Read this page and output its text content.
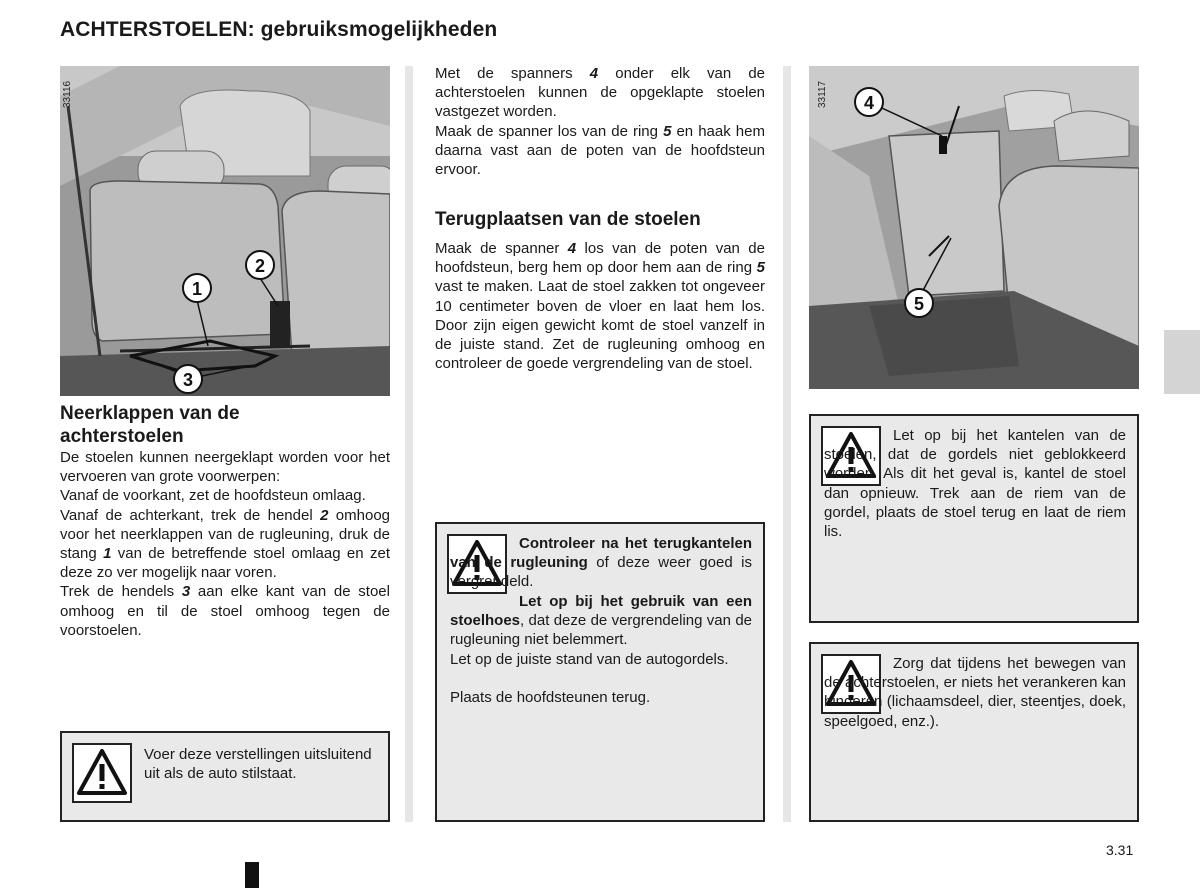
ACHTERSTOELEN: gebruiksmogelijkheden
1
2
3
33116	4
5
33117
Neerklappen van de
achterstoelen

De stoelen kunnen neergeklapt worden voor het vervoeren van grote voorwerpen:

Vanaf de voorkant, zet de hoofdsteun omlaag.

Vanaf de achterkant, trek de hendel 2 omhoog voor het neerklappen van de rugleuning, druk de stang 1 van de betreffende stoel omlaag en zet deze zo ver mogelijk naar voren.

Trek de hendels 3 aan elke kant van de stoel omhoog en til de stoel omhoog tegen de voorstoelen.

Voer deze verstellingen uitsluitend uit als de auto stilstaat.

Met de spanners 4 onder elk van de achterstoelen kunnen de opgeklapte stoelen vastgezet worden.

Maak de spanner los van de ring 5 en haak hem daarna vast aan de poten van de hoofdsteun ervoor.

Terugplaatsen van de stoelen

Maak de spanner 4 los van de poten van de hoofdsteun, berg hem op door hem aan de ring 5 vast te maken. Laat de stoel zakken tot ongeveer 10 centimeter boven de vloer en laat hem los. Door zijn eigen gewicht komt de stoel vanzelf in de juiste stand. Zet de rugleuning omhoog en controleer de goede vergrendeling van de stoel.

Controleer na het terugkantelen van de rugleuning of deze weer goed is vergrendeld.
Let op bij het gebruik van een stoelhoes, dat deze de vergrendeling van de rugleuning niet belemmert.
Let op de juiste stand van de autogordels.
Plaats de hoofdsteunen terug.
Let op bij het kantelen van de stoelen, dat de gordels niet geblokkeerd worden. Als dit het geval is, kantel de stoel dan opnieuw. Trek aan de riem van de gordel, plaats de stoel terug en laat de riem lis.
Zorg dat tijdens het bewegen van de achterstoelen, er niets het verankeren kan hinderen (lichaamsdeel, dier, steentjes, doek, speelgoed, enz.).
3.31
